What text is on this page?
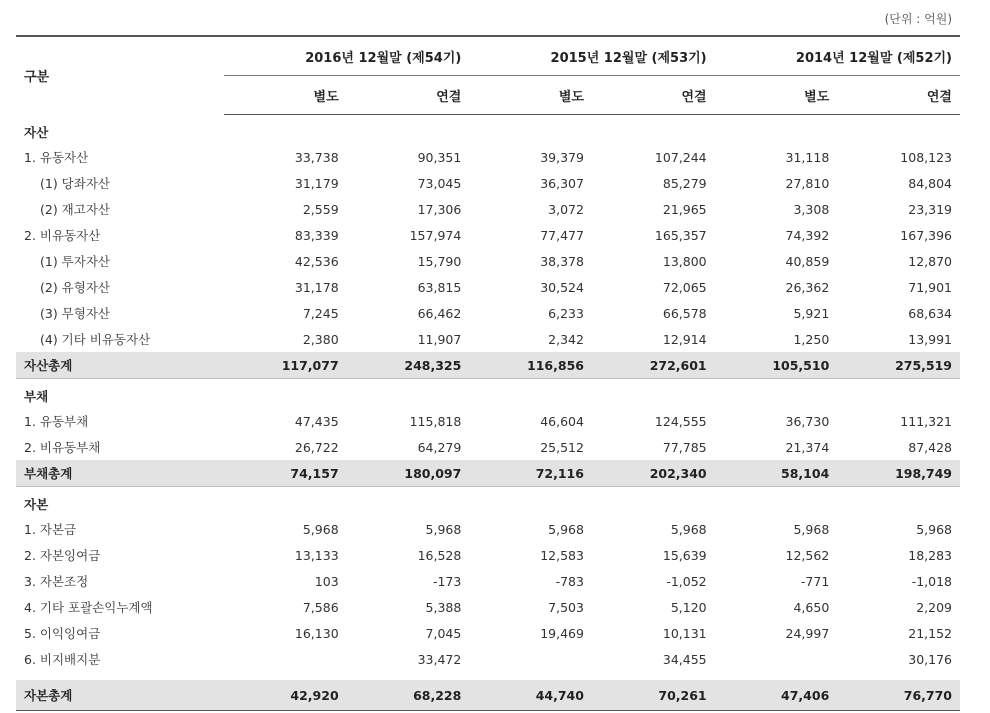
(단위 : 억원)
구분	2016년 12월말 (제54기)		2015년 12월말 (제53기)		2014년 12월말 (제52기)	
	별도	연결	별도	연결	별도	연결
자산						
1. 유동자산	33,738	90,351	39,379	107,244	31,118	108,123
(1) 당좌자산	31,179	73,045	36,307	85,279	27,810	84,804
(2) 재고자산	2,559	17,306	3,072	21,965	3,308	23,319
2. 비유동자산	83,339	157,974	77,477	165,357	74,392	167,396
(1) 투자자산	42,536	15,790	38,378	13,800	40,859	12,870
(2) 유형자산	31,178	63,815	30,524	72,065	26,362	71,901
(3) 무형자산	7,245	66,462	6,233	66,578	5,921	68,634
(4) 기타 비유동자산	2,380	11,907	2,342	12,914	1,250	13,991
자산총계	117,077	248,325	116,856	272,601	105,510	275,519
부채						
1. 유동부채	47,435	115,818	46,604	124,555	36,730	111,321
2. 비유동부채	26,722	64,279	25,512	77,785	21,374	87,428
부채총계	74,157	180,097	72,116	202,340	58,104	198,749
자본						
1. 자본금	5,968	5,968	5,968	5,968	5,968	5,968
2. 자본잉여금	13,133	16,528	12,583	15,639	12,562	18,283
3. 자본조정	103	-173	-783	-1,052	-771	-1,018
4. 기타 포괄손익누계액	7,586	5,388	7,503	5,120	4,650	2,209
5. 이익잉여금	16,130	7,045	19,469	10,131	24,997	21,152
6. 비지배지분		33,472		34,455		30,176

자본총계	42,920	68,228	44,740	70,261	47,406	76,770
